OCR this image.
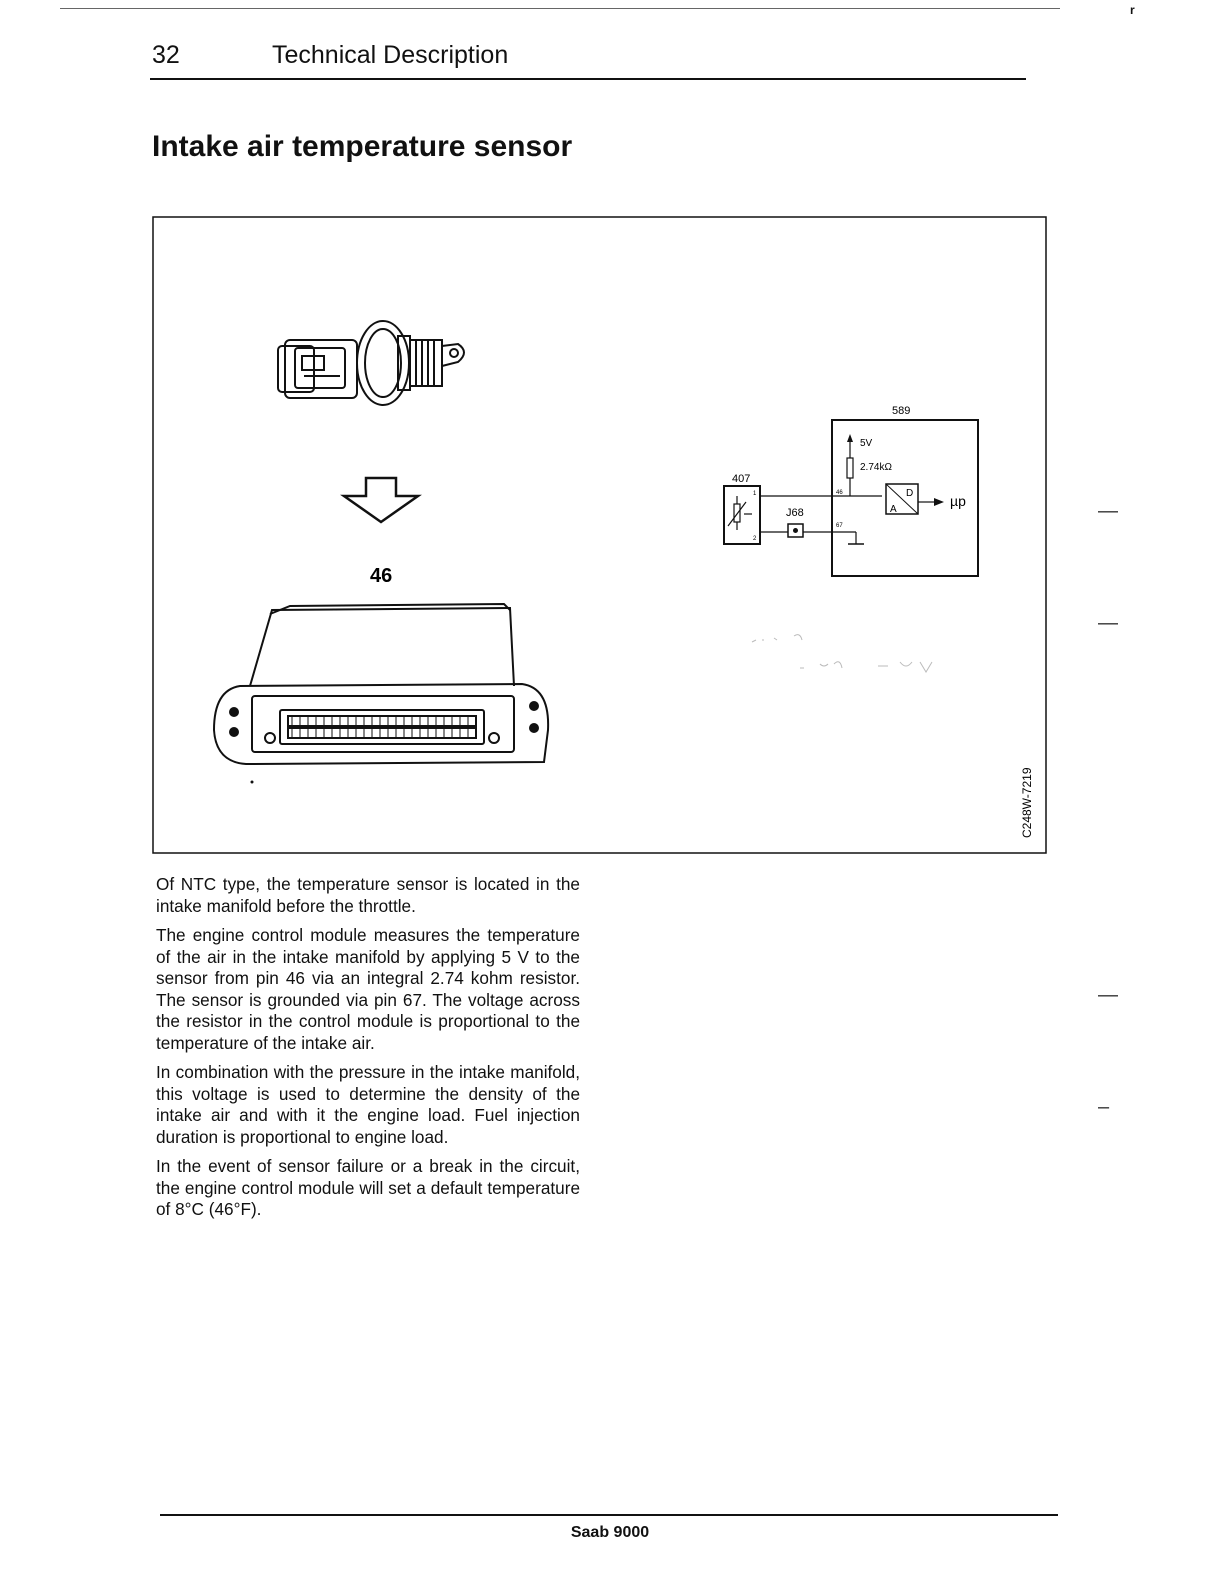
r
32	Technical Description
Intake air temperature sensor
46
589
407
1
2
J68
46
67
5V
2.74kΩ
D
A
µp
C248W-7219

Of NTC type, the temperature sensor is located in the intake manifold before the throttle.

The engine control module measures the temperature of the air in the intake manifold by applying 5 V to the sensor from pin 46 via an integral 2.74 kohm resistor. The sensor is grounded via pin 67. The voltage across the resistor in the control module is proportional to the temperature of the intake air.

In combination with the pressure in the intake manifold, this voltage is used to determine the density of the intake air and with it the engine load. Fuel injection duration is proportional to engine load.

In the event of sensor failure or a break in the circuit, the engine control module will set a default temperature of 8°C (46°F).

—
—
—
–
Saab 9000
